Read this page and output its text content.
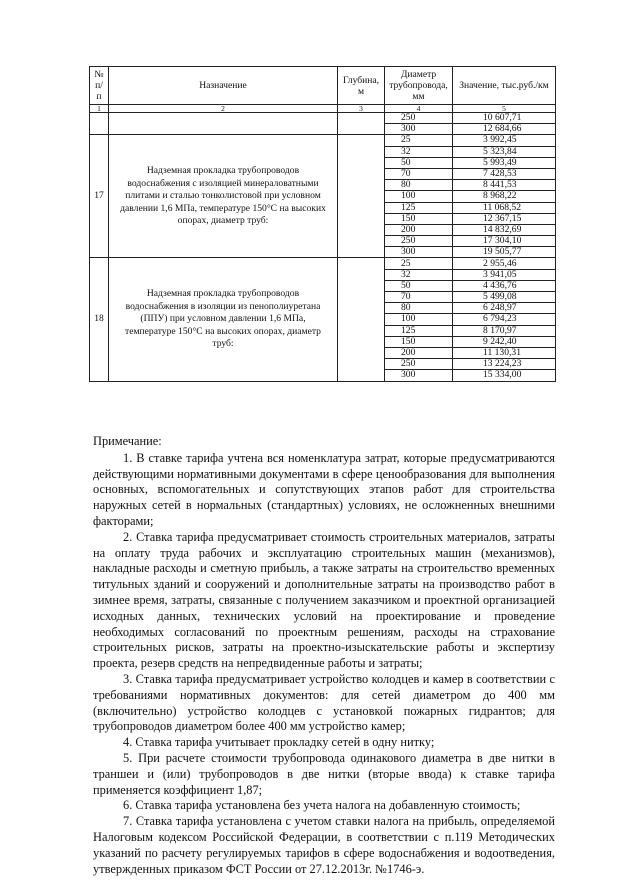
№ п/п	Назначение	Глубина, м	Диаметр трубопровода, мм	Значение, тыс.руб./км
1	2	3	4	5
			250	10 607,71
			300	12 684,66
17	Надземная прокладка трубопроводов водоснабжения с изоляцией минераловатными плитами и сталью тонколистовой при условном давлении 1,6 МПа, температуре 150°С на высоких опорах, диаметр труб:		25	3 992,45
			32	5 323,84
			50	5 993,49
			70	7 428,53
			80	8 441,53
			100	8 968,22
			125	11 068,52
			150	12 367,15
			200	14 832,69
			250	17 304,10
			300	19 505,77
18	Надземная прокладка трубопроводов водоснабжения в изоляции из пенополиуретана (ППУ) при условном давлении 1,6 МПа, температуре 150°С на высоких опорах, диаметр труб:		25	2 955,46
			32	3 941,05
			50	4 436,76
			70	5 499,08
			80	6 248,97
			100	6 794,23
			125	8 170,97
			150	9 242,40
			200	11 130,31
			250	13 224,23
			300	15 334,00

Примечание:

1. В ставке тарифа учтена вся номенклатура затрат, которые предусматриваются действующими нормативными документами в сфере ценообразования для выполнения основных, вспомогательных и сопутствующих этапов работ для строительства наружных сетей в нормальных (стандартных) условиях, не осложненных внешними факторами;

2. Ставка тарифа предусматривает стоимость строительных материалов, затраты на оплату труда рабочих и эксплуатацию строительных машин (механизмов), накладные расходы и сметную прибыль, а также затраты на строительство временных титульных зданий и сооружений и дополнительные затраты на производство работ в зимнее время, затраты, связанные с получением заказчиком и проектной организацией исходных данных, технических условий на проектирование и проведение необходимых согласований по проектным решениям, расходы на страхование строительных рисков, затраты на проектно-изыскательские работы и экспертизу проекта, резерв средств на непредвиденные работы и затраты;

3. Ставка тарифа предусматривает устройство колодцев и камер в соответствии с требованиями нормативных документов: для сетей диаметром до 400 мм (включительно) устройство колодцев с установкой пожарных гидрантов; для трубопроводов диаметром более 400 мм устройство камер;

4. Ставка тарифа учитывает прокладку сетей в одну нитку;

5. При расчете стоимости трубопровода одинакового диаметра в две нитки в траншеи и (или) трубопроводов в две нитки (вторые ввода) к ставке тарифа применяется коэффициент 1,87;

6. Ставка тарифа установлена без учета налога на добавленную стоимость;

7. Ставка тарифа установлена с учетом ставки налога на прибыль, определяемой Налоговым кодексом Российской Федерации, в соответствии с п.119 Методических указаний по расчету регулируемых тарифов в сфере водоснабжения и водоотведения, утвержденных приказом ФСТ России от 27.12.2013г. №1746-э.
